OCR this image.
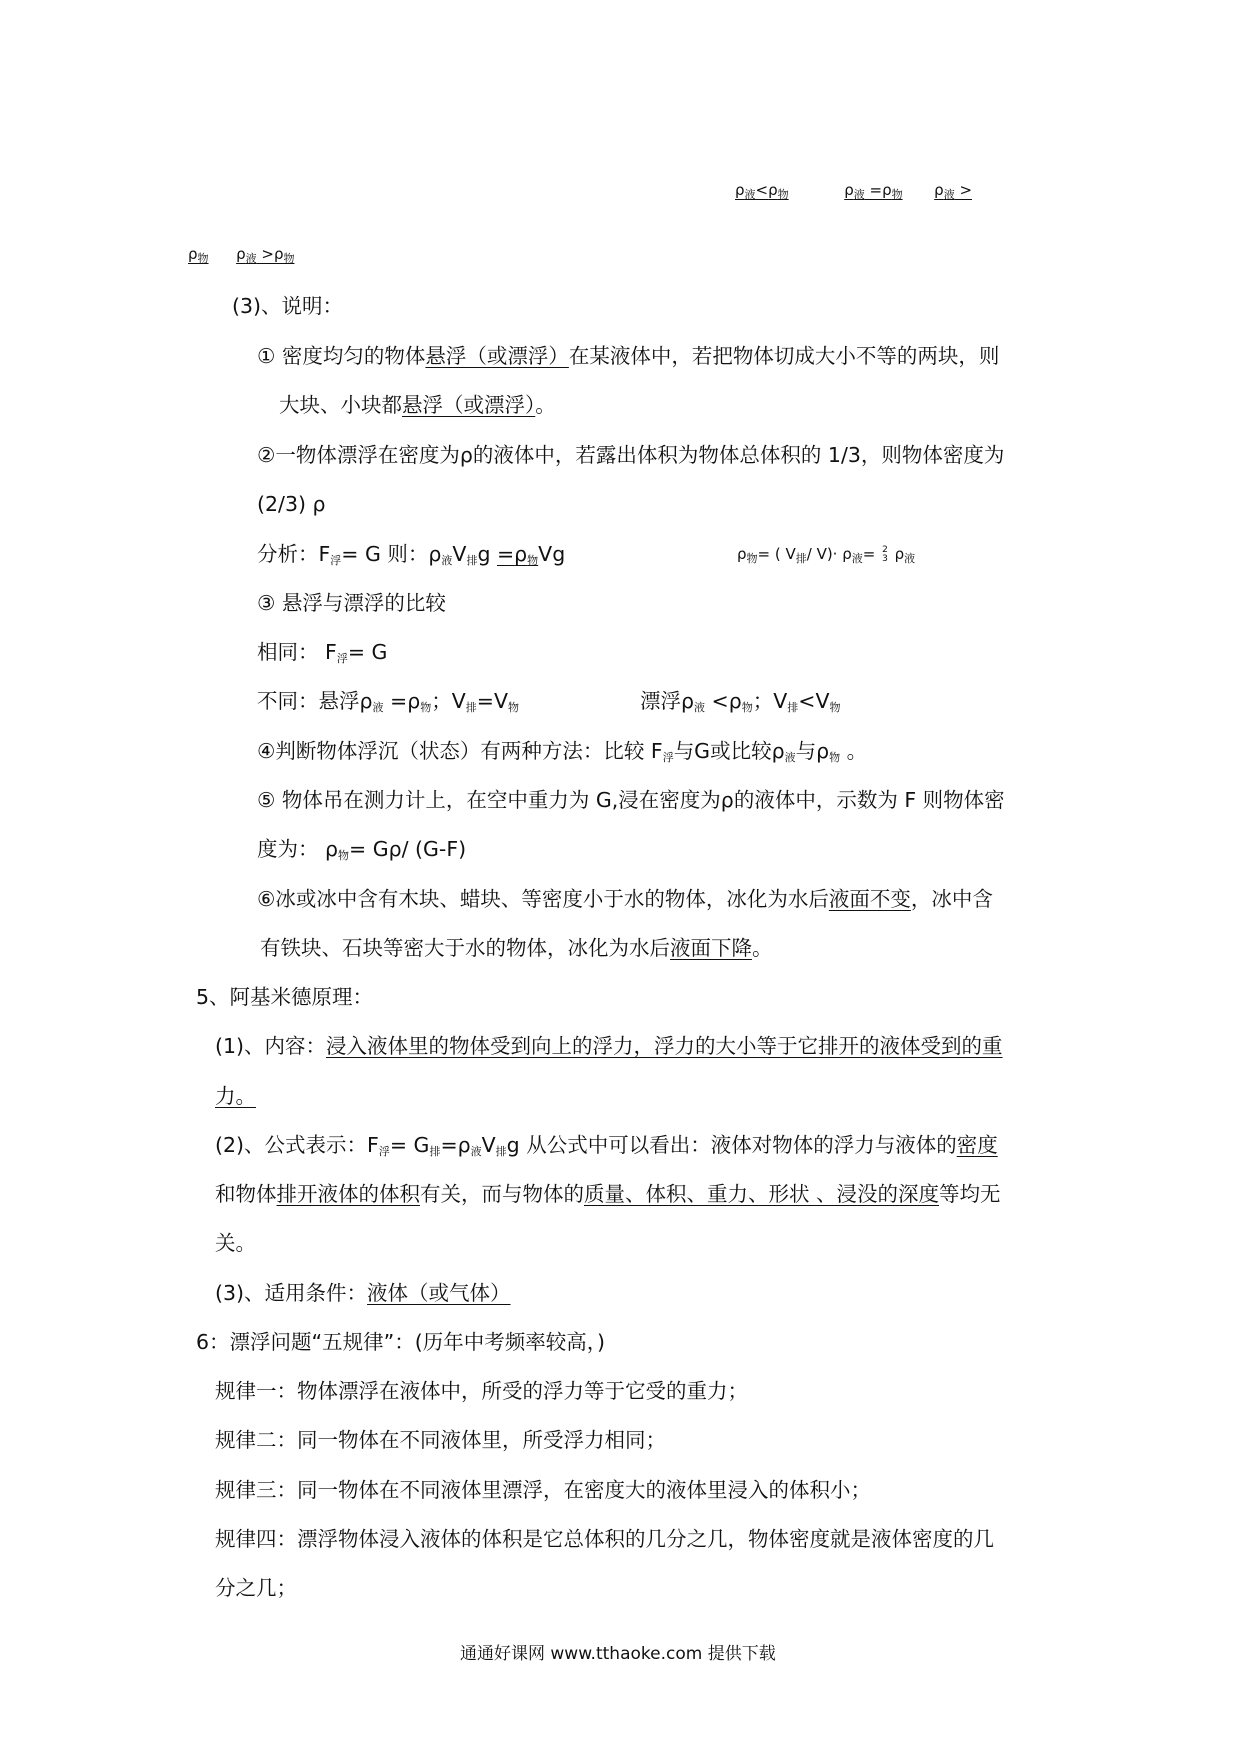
$\rho_液<\rho_物$	$\rho_液 =\rho_物$ $\rho_液$ >
$\rho_物$ $\rho_液 >\rho_物$
(3)、说明：
① 密度均匀的物体悬浮（或漂浮）在某液体中，若把物体切成大小不等的两块，则
大块、小块都悬浮（或漂浮）。
②一物体漂浮在密度为ρ的液体中，若露出体积为物体总体积的 1/3，则物体密度为
(2/3) ρ
分析：$F_浮= G$ 则：$\rho_液V_排g =\rho_物Vg$	$\rho_物=$ ( $V_排/$ $V)\cdot \rho_液= 2$
3 $\rho_液$
③ 悬浮与漂浮的比较
相同： $F_浮= G$
不同：悬浮$\rho_液 =\rho_物$；$V_排=V_物$	漂浮$\rho_液 <\rho_物$；$V_排<V_物$
④判断物体浮沉（状态）有两种方法：比较 $F_浮$与G或比较$\rho_液$与$\rho_物$ 。
⑤ 物体吊在测力计上，在空中重力为 G,浸在密度为ρ的液体中，示数为 F 则物体密
度为： $\rho_物= G\rho/$ (G-F)
⑥冰或冰中含有木块、蜡块、等密度小于水的物体，冰化为水后液面不变，冰中含
有铁块、石块等密大于水的物体，冰化为水后液面下降。
5、阿基米德原理：
(1)、内容：浸入液体里的物体受到向上的浮力，浮力的大小等于它排开的液体受到的重
力。
(2)、公式表示：$F_浮= G_排=\rho_液V_排g$ 从公式中可以看出：液体对物体的浮力与液体的密度
和物体排开液体的体积有关，而与物体的质量、体积、重力、形状 、浸没的深度等均无
关。
(3)、适用条件：液体（或气体）
6：漂浮问题“五规律”：(历年中考频率较高，)
规律一：物体漂浮在液体中，所受的浮力等于它受的重力；
规律二：同一物体在不同液体里，所受浮力相同；
规律三：同一物体在不同液体里漂浮，在密度大的液体里浸入的体积小；
规律四：漂浮物体浸入液体的体积是它总体积的几分之几，物体密度就是液体密度的几
分之几；
通通好课网 www.tthaoke.com 提供下载
